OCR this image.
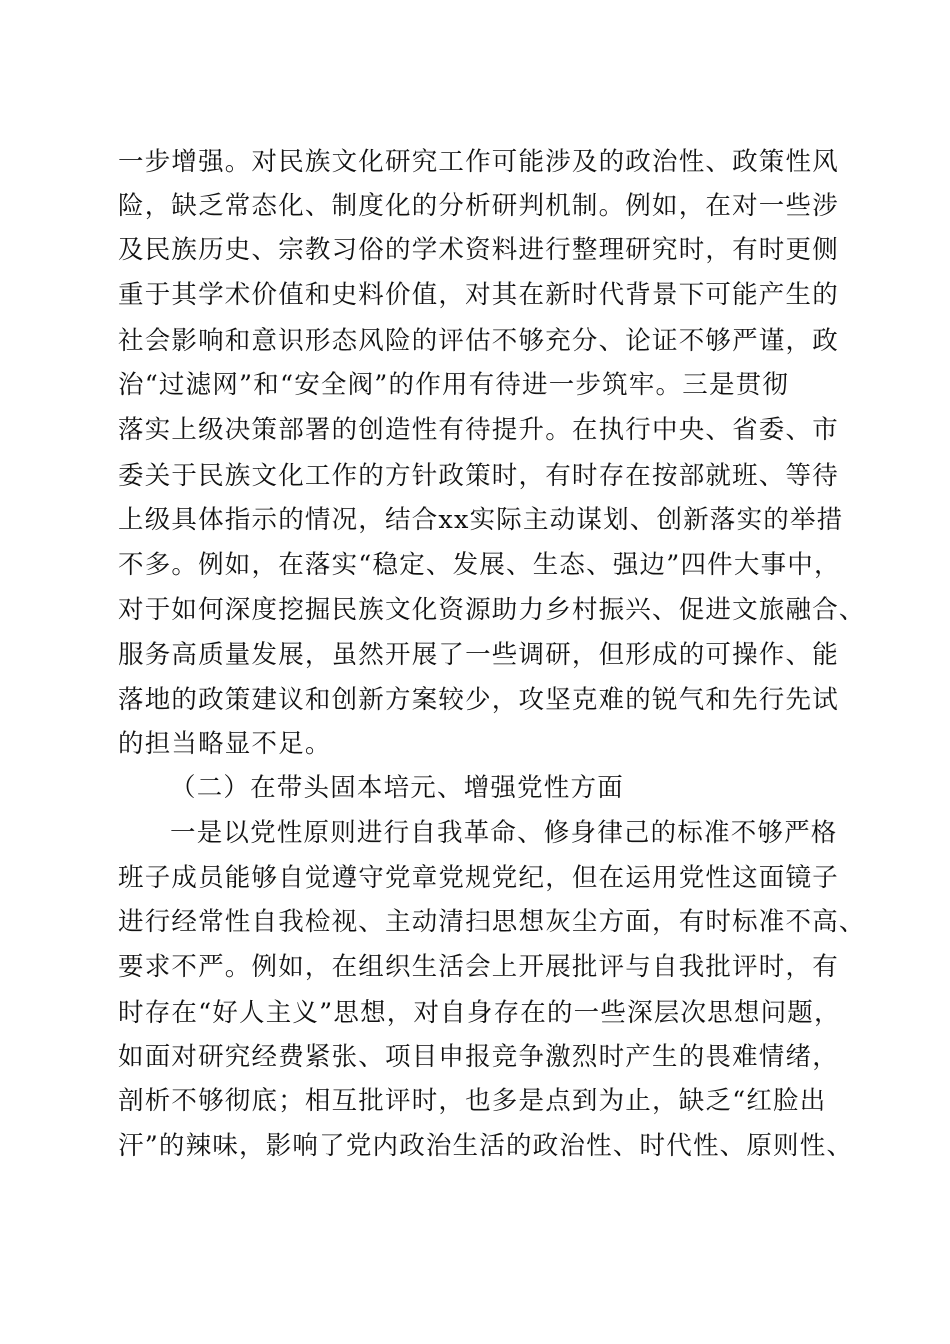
一步增强。对民族文化研究工作可能涉及的政治性、政策性风
险，缺乏常态化、制度化的分析研判机制。例如，在对一些涉
及民族历史、宗教习俗的学术资料进行整理研究时，有时更侧
重于其学术价值和史料价值，对其在新时代背景下可能产生的
社会影响和意识形态风险的评估不够充分、论证不够严谨，政
治“过滤网”和“安全阀”的作用有待进一步筑牢。三是贯彻
落实上级决策部署的创造性有待提升。在执行中央、省委、市
委关于民族文化工作的方针政策时，有时存在按部就班、等待
上级具体指示的情况，结合xx实际主动谋划、创新落实的举措
不多。例如，在落实“稳定、发展、生态、强边”四件大事中，
对于如何深度挖掘民族文化资源助力乡村振兴、促进文旅融合、
服务高质量发展，虽然开展了一些调研，但形成的可操作、能
落地的政策建议和创新方案较少，攻坚克难的锐气和先行先试
的担当略显不足。
（二）在带头固本培元、增强党性方面
一是以党性原则进行自我革命、修身律己的标准不够严格
班子成员能够自觉遵守党章党规党纪，但在运用党性这面镜子
进行经常性自我检视、主动清扫思想灰尘方面，有时标准不高、
要求不严。例如，在组织生活会上开展批评与自我批评时，有
时存在“好人主义”思想，对自身存在的一些深层次思想问题，
如面对研究经费紧张、项目申报竞争激烈时产生的畏难情绪，
剖析不够彻底；相互批评时，也多是点到为止，缺乏“红脸出
汗”的辣味，影响了党内政治生活的政治性、时代性、原则性、
